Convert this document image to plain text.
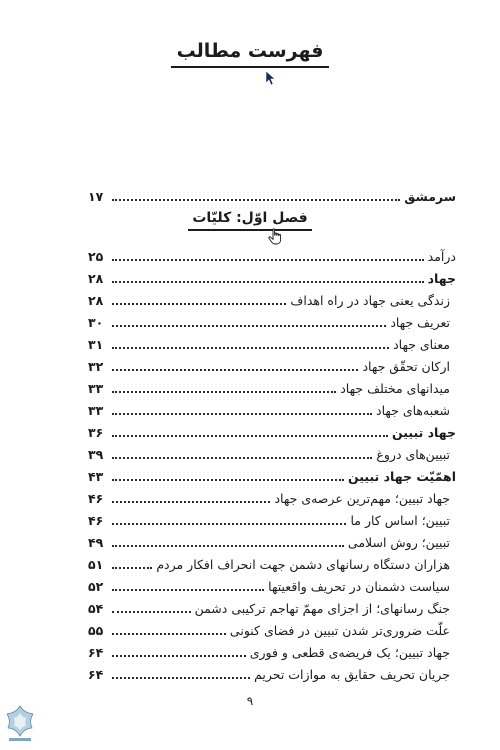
فهرست مطالب
سرمشق
۱۷
فصل اوّل: کلیّات
درآمد
۲۵
جهاد
۲۸
زندگی یعنی جهاد در راه اهداف
۲۸
تعریف جهاد
۳۰
معنای جهاد
۳۱
ارکان تحقّق جهاد
۳۲
میدانهای مختلف جهاد
۳۳
شعبه‌های جهاد
۳۳
جهاد تبیین
۳۶
تبیین‌های دروغ
۳۹
اهمّیّت جهاد تبیین
۴۳
جهاد تبیین؛ مهم‌ترین عرصه‌ی جهاد
۴۶
تبیین؛ اساس کار ما
۴۶
تبیین؛ روش اسلامی
۴۹
هزاران دستگاه رسانهای دشمن جهت انحراف افکار مردم
۵۱
سیاست دشمنان در تحریف واقعیتها
۵۲
جنگ رسانهای؛ از اجزای مهمّ تهاجم ترکیبی دشمن
۵۴
علّت ضروری‌تر شدن تبیین در فضای کنونی
۵۵
جهاد تبیین؛ یک فریضه‌ی قطعی و فوری
۶۴
جریان تحریف حقایق به موازات تحریم
۶۴
۹
